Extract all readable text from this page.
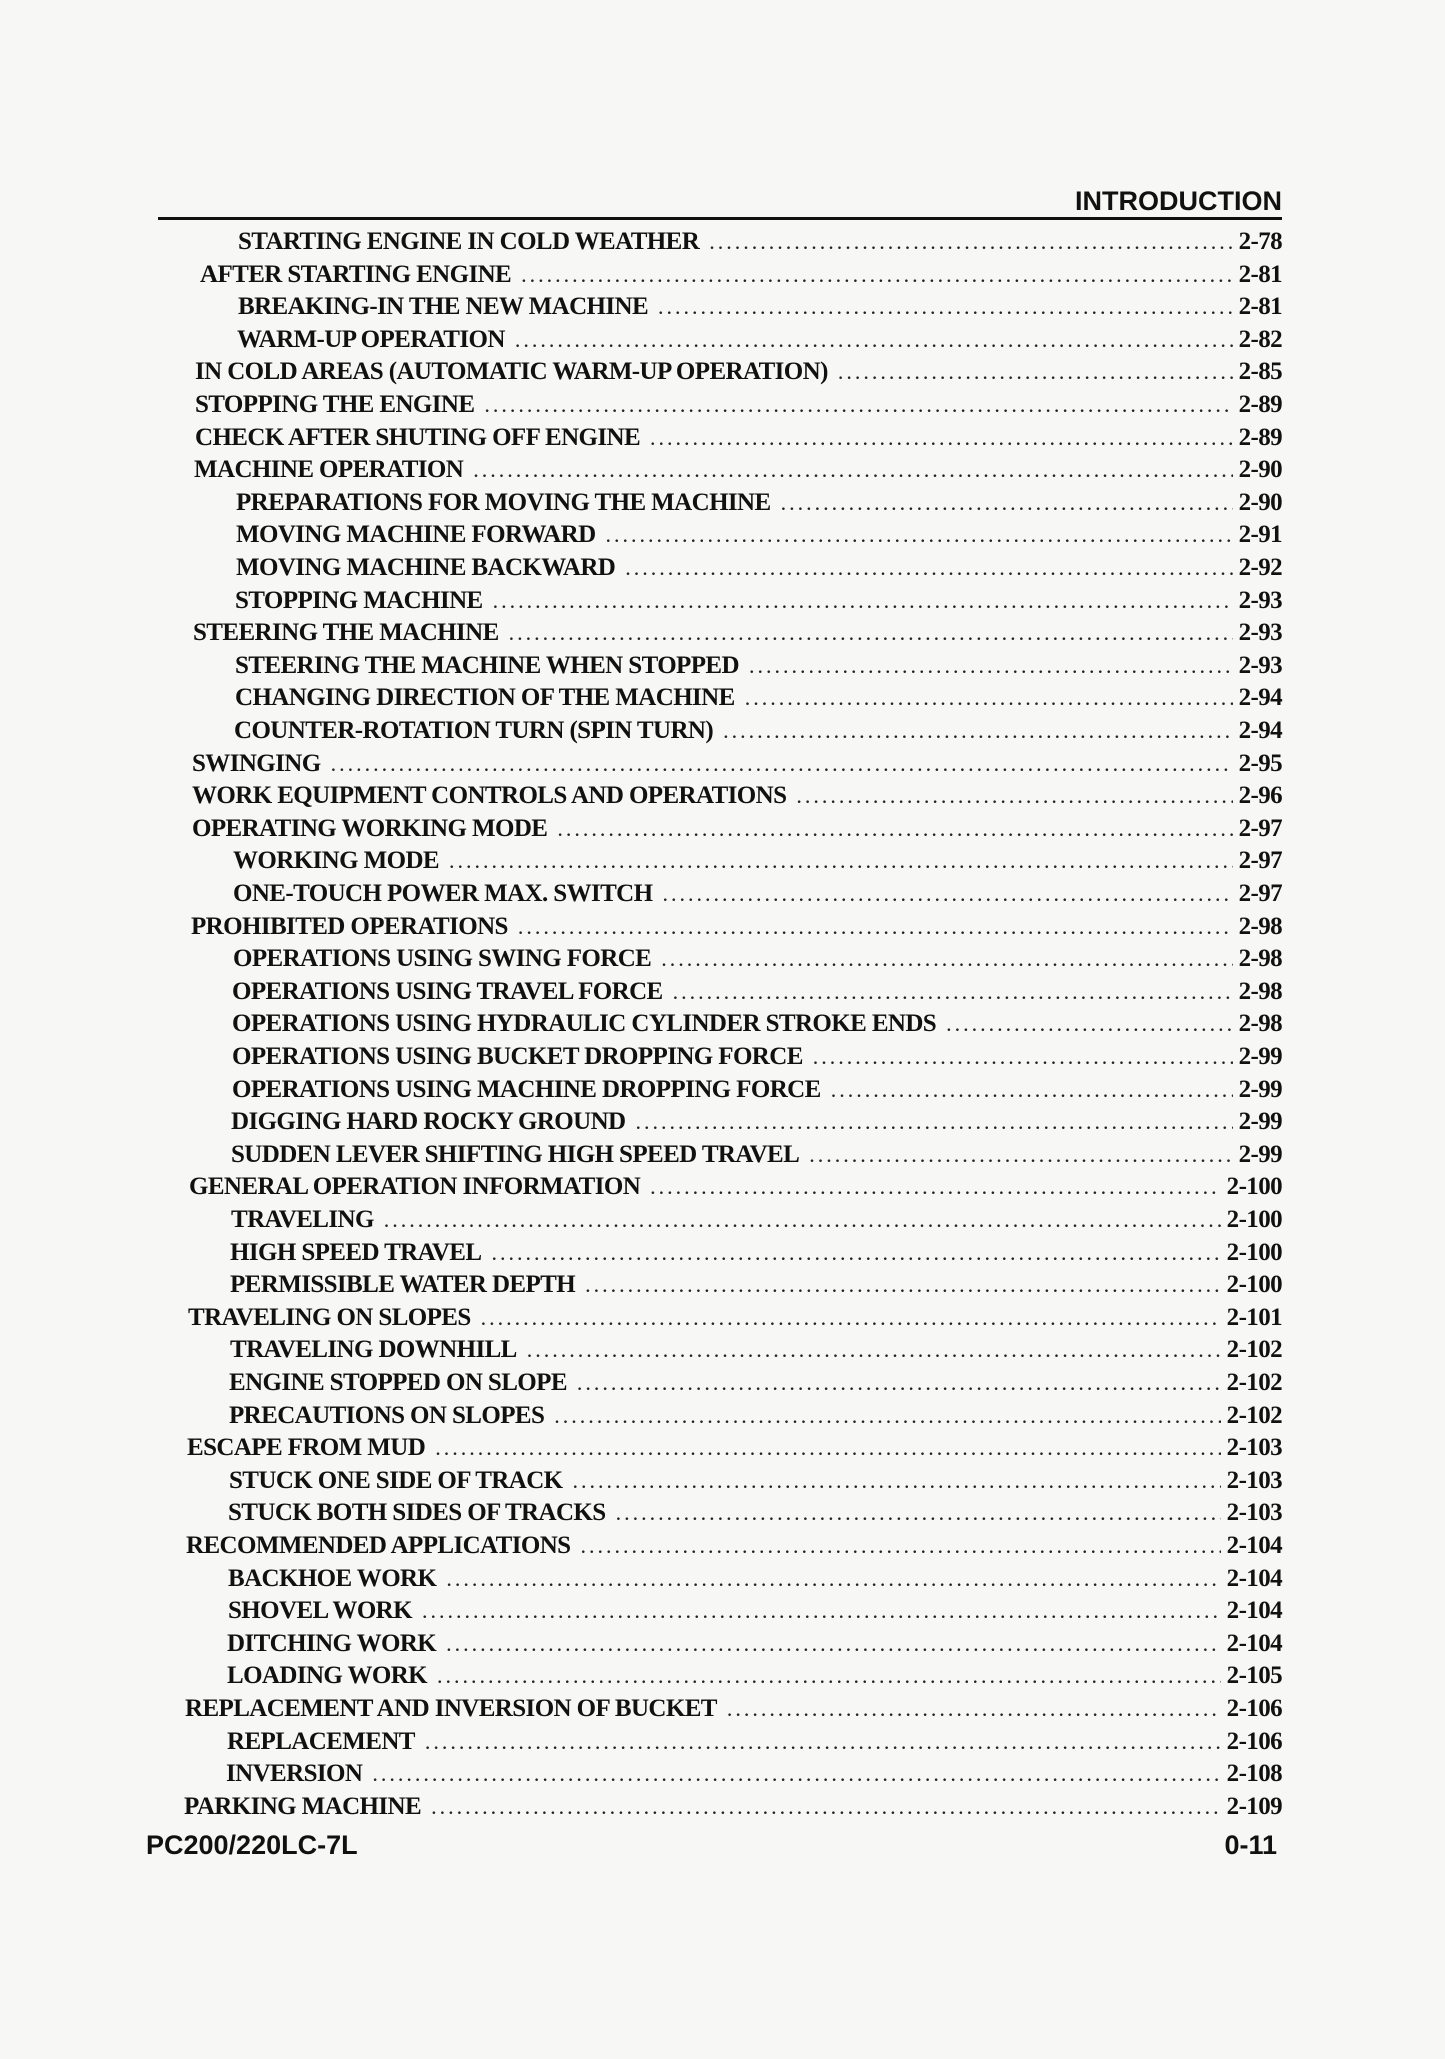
INTRODUCTION
STARTING ENGINE IN COLD WEATHER .....	2-78
AFTER STARTING ENGINE .....	2-81
BREAKING-IN THE NEW MACHINE .....	2-81
WARM-UP OPERATION .....	2-82
IN COLD AREAS (AUTOMATIC WARM-UP OPERATION) .....	2-85
STOPPING THE ENGINE .....	2-89
CHECK AFTER SHUTING OFF ENGINE .....	2-89
MACHINE OPERATION .....	2-90
PREPARATIONS FOR MOVING THE MACHINE .....	2-90
MOVING MACHINE FORWARD .....	2-91
MOVING MACHINE BACKWARD .....	2-92
STOPPING MACHINE .....	2-93
STEERING THE MACHINE .....	2-93
STEERING THE MACHINE WHEN STOPPED .....	2-93
CHANGING DIRECTION OF THE MACHINE .....	2-94
COUNTER-ROTATION TURN (SPIN TURN) .....	2-94
SWINGING .....	2-95
WORK EQUIPMENT CONTROLS AND OPERATIONS .....	2-96
OPERATING WORKING MODE .....	2-97
WORKING MODE .....	2-97
ONE-TOUCH POWER MAX. SWITCH .....	2-97
PROHIBITED OPERATIONS .....	2-98
OPERATIONS USING SWING FORCE .....	2-98
OPERATIONS USING TRAVEL FORCE .....	2-98
OPERATIONS USING HYDRAULIC CYLINDER STROKE ENDS .....	2-98
OPERATIONS USING BUCKET DROPPING FORCE .....	2-99
OPERATIONS USING MACHINE DROPPING FORCE .....	2-99
DIGGING HARD ROCKY GROUND .....	2-99
SUDDEN LEVER SHIFTING HIGH SPEED TRAVEL .....	2-99
GENERAL OPERATION INFORMATION .....	2-100
TRAVELING .....	2-100
HIGH SPEED TRAVEL .....	2-100
PERMISSIBLE WATER DEPTH .....	2-100
TRAVELING ON SLOPES .....	2-101
TRAVELING DOWNHILL .....	2-102
ENGINE STOPPED ON SLOPE .....	2-102
PRECAUTIONS ON SLOPES .....	2-102
ESCAPE FROM MUD .....	2-103
STUCK ONE SIDE OF TRACK .....	2-103
STUCK BOTH SIDES OF TRACKS .....	2-103
RECOMMENDED APPLICATIONS .....	2-104
BACKHOE WORK .....	2-104
SHOVEL WORK .....	2-104
DITCHING WORK .....	2-104
LOADING WORK .....	2-105
REPLACEMENT AND INVERSION OF BUCKET .....	2-106
REPLACEMENT .....	2-106
INVERSION .....	2-108
PARKING MACHINE .....	2-109
PC200/220LC-7L	0-11
